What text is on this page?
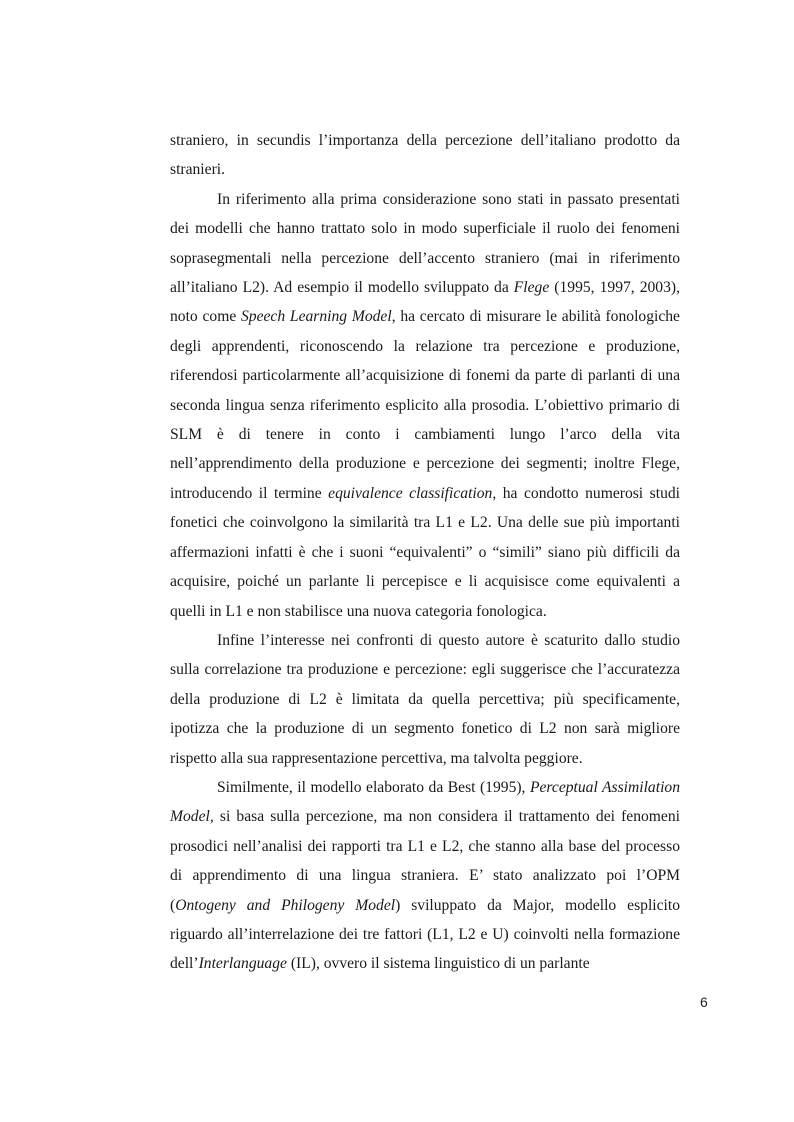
straniero, in secundis l’importanza della percezione dell’italiano prodotto da stranieri.

In riferimento alla prima considerazione sono stati in passato presentati dei modelli che hanno trattato solo in modo superficiale il ruolo dei fenomeni soprasegmentali nella percezione dell’accento straniero (mai in riferimento all’italiano L2). Ad esempio il modello sviluppato da Flege (1995, 1997, 2003), noto come Speech Learning Model, ha cercato di misurare le abilità fonologiche degli apprendenti, riconoscendo la relazione tra percezione e produzione, riferendosi particolarmente all’acquisizione di fonemi da parte di parlanti di una seconda lingua senza riferimento esplicito alla prosodia. L’obiettivo primario di SLM è di tenere in conto i cambiamenti lungo l’arco della vita nell’apprendimento della produzione e percezione dei segmenti; inoltre Flege, introducendo il termine equivalence classification, ha condotto numerosi studi fonetici che coinvolgono la similarità tra L1 e L2. Una delle sue più importanti affermazioni infatti è che i suoni “equivalenti” o “simili” siano più difficili da acquisire, poiché un parlante li percepisce e li acquisisce come equivalenti a quelli in L1 e non stabilisce una nuova categoria fonologica.

Infine l’interesse nei confronti di questo autore è scaturito dallo studio sulla correlazione tra produzione e percezione: egli suggerisce che l’accuratezza della produzione di L2 è limitata da quella percettiva; più specificamente, ipotizza che la produzione di un segmento fonetico di L2 non sarà migliore rispetto alla sua rappresentazione percettiva, ma talvolta peggiore.

Similmente, il modello elaborato da Best (1995), Perceptual Assimilation Model, si basa sulla percezione, ma non considera il trattamento dei fenomeni prosodici nell’analisi dei rapporti tra L1 e L2, che stanno alla base del processo di apprendimento di una lingua straniera. E’ stato analizzato poi l’OPM (Ontogeny and Philogeny Model) sviluppato da Major, modello esplicito riguardo all’interrelazione dei tre fattori (L1, L2 e U) coinvolti nella formazione dell’Interlanguage (IL), ovvero il sistema linguistico di un parlante

6
